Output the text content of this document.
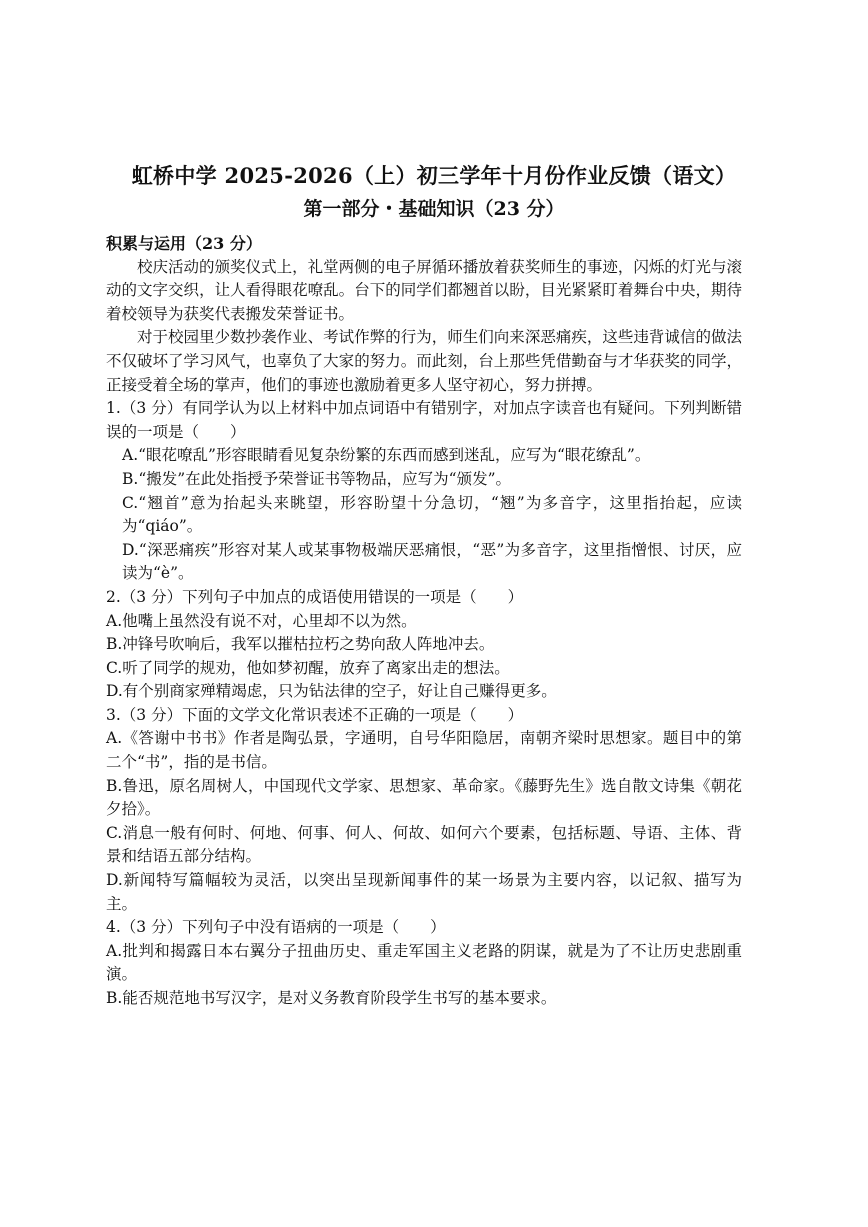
虹桥中学 2025-2026（上）初三学年十月份作业反馈（语文）
第一部分・基础知识（23 分）

积累与运用（23 分）

校庆活动的颁奖仪式上，礼堂两侧的电子屏循环播放着获奖师生的事迹，闪烁的灯光与滚动的文字交织，让人看得眼花嘹乱。台下的同学们都翘首以盼，目光紧紧盯着舞台中央，期待着校领导为获奖代表搬发荣誉证书。

对于校园里少数抄袭作业、考试作弊的行为，师生们向来深恶痛疾，这些违背诚信的做法不仅破坏了学习风气，也辜负了大家的努力。而此刻，台上那些凭借勤奋与才华获奖的同学，正接受着全场的掌声，他们的事迹也激励着更多人坚守初心，努力拼搏。

1.（3 分）有同学认为以上材料中加点词语中有错别字，对加点字读音也有疑问。下列判断错误的一项是（　　）

A.“眼花嘹乱”形容眼睛看见复杂纷繁的东西而感到迷乱，应写为“眼花缭乱”。

B.“搬发”在此处指授予荣誉证书等物品，应写为“颁发”。

C.“翘首”意为抬起头来眺望，形容盼望十分急切，“翘”为多音字，这里指抬起，应读为“qiáo”。

D.“深恶痛疾”形容对某人或某事物极端厌恶痛恨，“恶”为多音字，这里指憎恨、讨厌，应读为“è”。

2.（3 分）下列句子中加点的成语使用错误的一项是（　　）

A.他嘴上虽然没有说不对，心里却不以为然。

B.冲锋号吹响后，我军以摧枯拉朽之势向敌人阵地冲去。

C.听了同学的规劝，他如梦初醒，放弃了离家出走的想法。

D.有个别商家殚精竭虑，只为钻法律的空子，好让自己赚得更多。

3.（3 分）下面的文学文化常识表述不正确的一项是（　　）

A.《答谢中书书》作者是陶弘景，字通明，自号华阳隐居，南朝齐梁时思想家。题目中的第二个“书”，指的是书信。

B.鲁迅，原名周树人，中国现代文学家、思想家、革命家。《藤野先生》选自散文诗集《朝花夕拾》。

C.消息一般有何时、何地、何事、何人、何故、如何六个要素，包括标题、导语、主体、背景和结语五部分结构。

D.新闻特写篇幅较为灵活，以突出呈现新闻事件的某一场景为主要内容，以记叙、描写为主。

4.（3 分）下列句子中没有语病的一项是（　　）

A.批判和揭露日本右翼分子扭曲历史、重走军国主义老路的阴谋，就是为了不让历史悲剧重演。

B.能否规范地书写汉字，是对义务教育阶段学生书写的基本要求。
